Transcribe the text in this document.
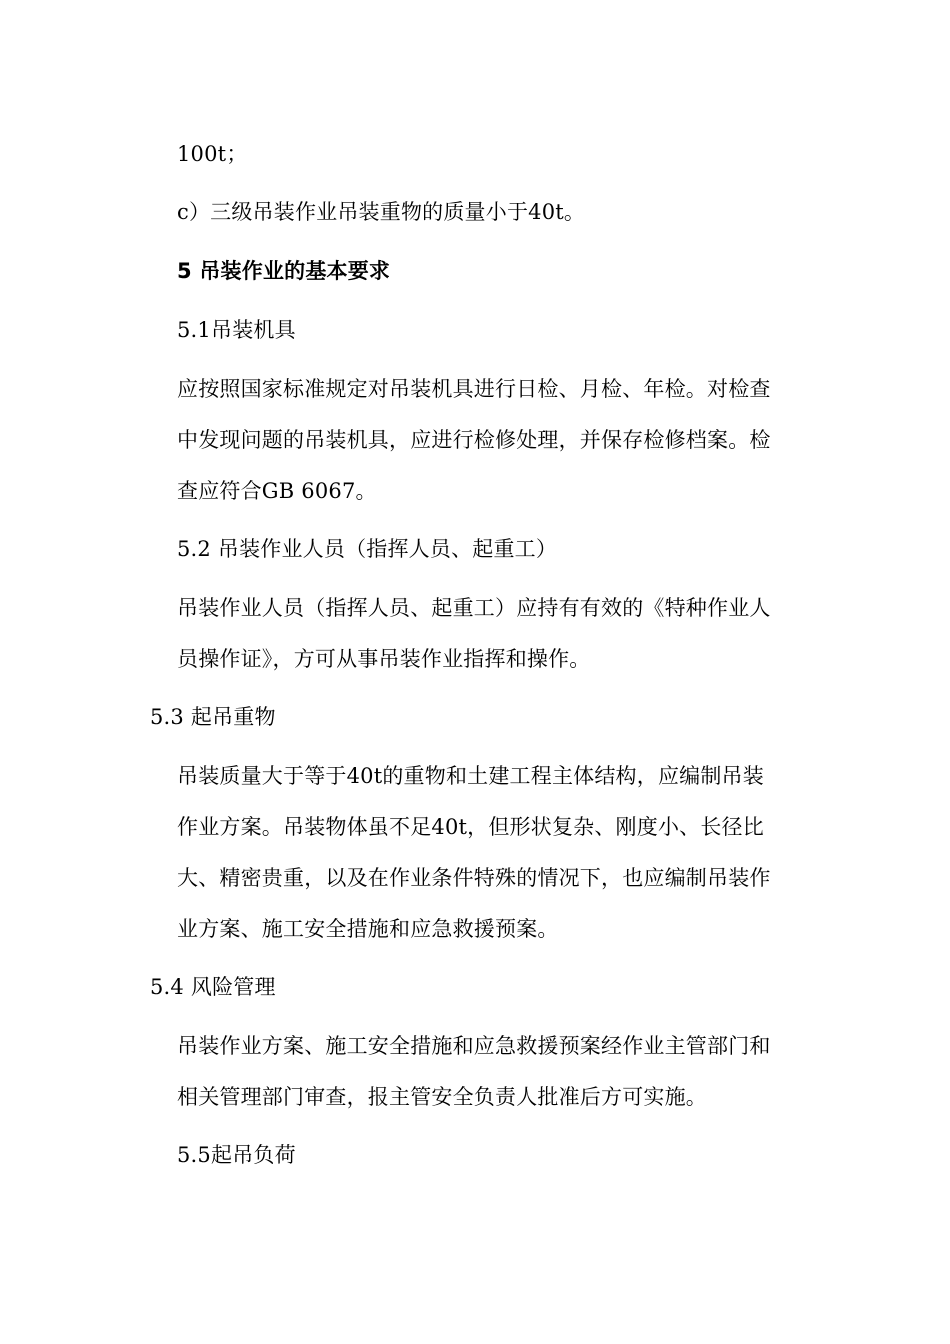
100t；
c）三级吊装作业吊装重物的质量小于40t。
5 吊装作业的基本要求
5.1吊装机具
应按照国家标准规定对吊装机具进行日检、月检、年检。对检查
中发现问题的吊装机具，应进行检修处理，并保存检修档案。检
查应符合GB 6067。
5.2 吊装作业人员（指挥人员、起重工）
吊装作业人员（指挥人员、起重工）应持有有效的《特种作业人
员操作证》，方可从事吊装作业指挥和操作。
5.3 起吊重物
吊装质量大于等于40t的重物和土建工程主体结构，应编制吊装
作业方案。吊装物体虽不足40t，但形状复杂、刚度小、长径比
大、精密贵重，以及在作业条件特殊的情况下，也应编制吊装作
业方案、施工安全措施和应急救援预案。
5.4 风险管理
吊装作业方案、施工安全措施和应急救援预案经作业主管部门和
相关管理部门审查，报主管安全负责人批准后方可实施。
5.5起吊负荷
